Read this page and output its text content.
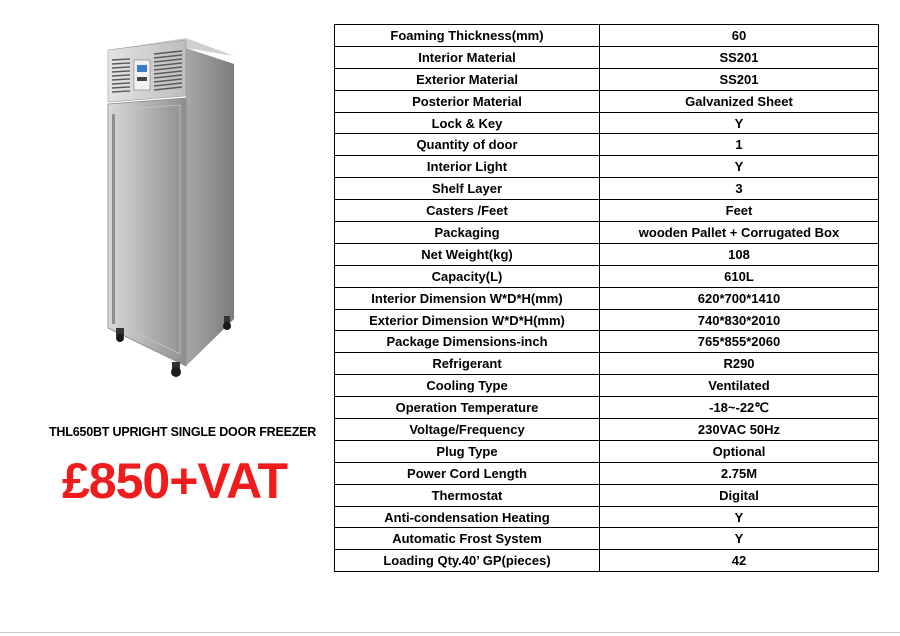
THL650BT UPRIGHT SINGLE DOOR FREEZER
£850+VAT
Foaming Thickness(mm)	60
Interior Material	SS201
Exterior Material	SS201
Posterior Material	Galvanized Sheet
Lock & Key	Y
Quantity of door	1
Interior Light	Y
Shelf Layer	3
Casters /Feet	Feet
Packaging	wooden Pallet + Corrugated Box
Net Weight(kg)	108
Capacity(L)	610L
Interior Dimension W*D*H(mm)	620*700*1410
Exterior Dimension W*D*H(mm)	740*830*2010
Package Dimensions-inch	765*855*2060
Refrigerant	R290
Cooling Type	Ventilated
Operation Temperature	-18~-22℃
Voltage/Frequency	230VAC 50Hz
Plug Type	Optional
Power Cord Length	2.75M
Thermostat	Digital
Anti-condensation Heating	Y
Automatic Frost System	Y
Loading Qty.40’ GP(pieces)	42
